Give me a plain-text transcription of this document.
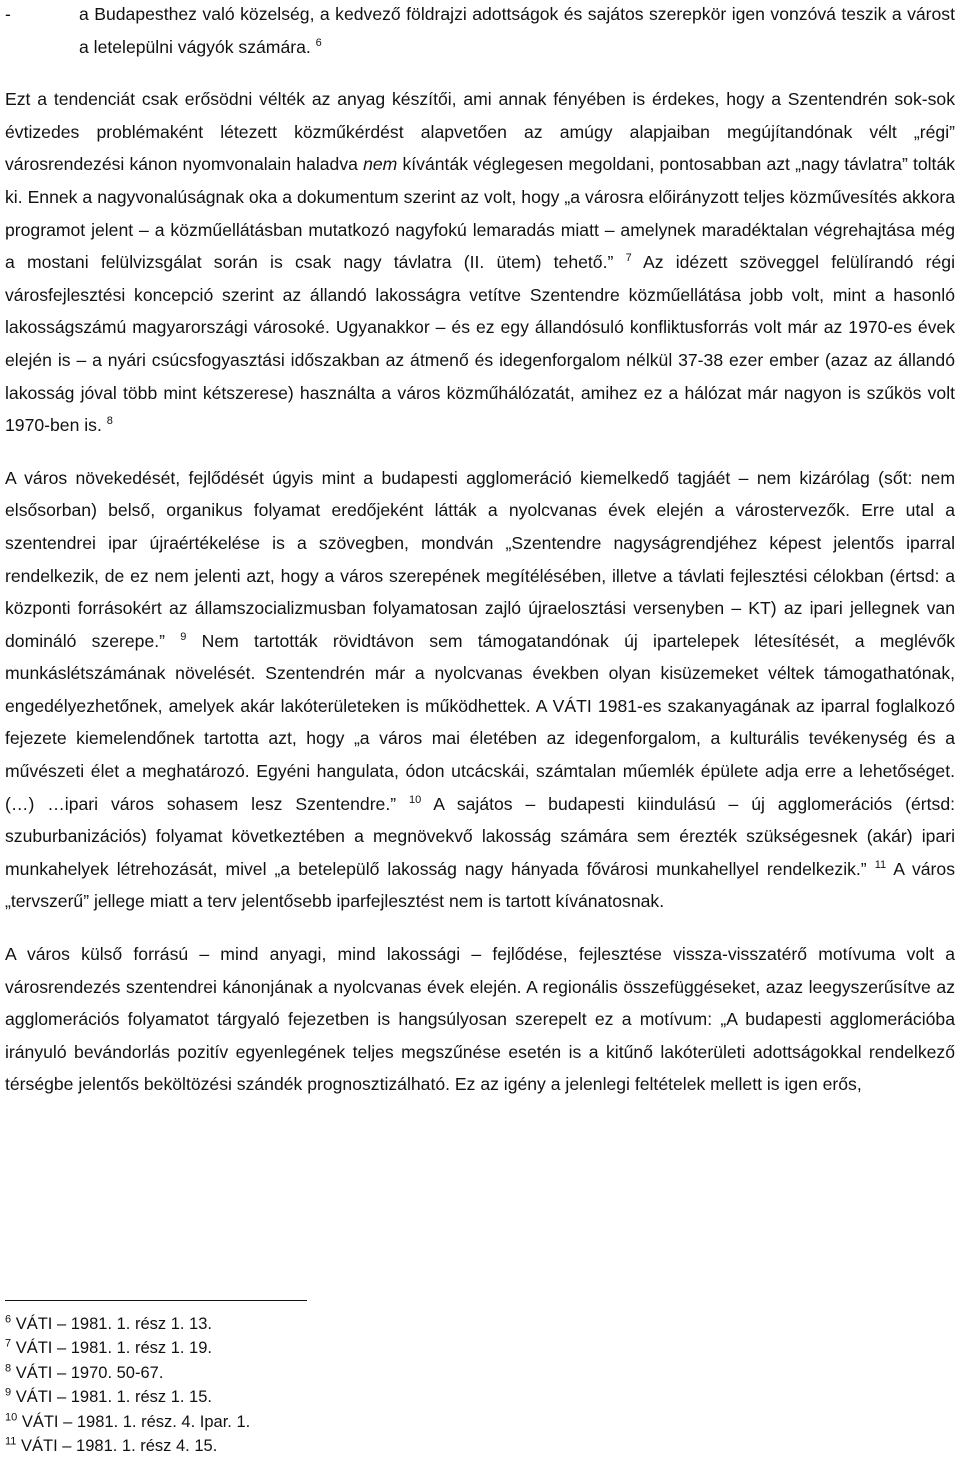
-	a Budapesthez való közelség, a kedvező földrajzi adottságok és sajátos szerepkör igen vonzóvá teszik a várost a letelepülni vágyók számára. $^6$

Ezt a tendenciát csak erősödni vélték az anyag készítői, ami annak fényében is érdekes, hogy a Szentendrén sok-sok évtizedes problémaként létezett közműkérdést alapvetően az amúgy alapjaiban megújítandónak vélt „régi” városrendezési kánon nyomvonalain haladva nem kívánták véglegesen megoldani, pontosabban azt „nagy távlatra” tolták ki. Ennek a nagyvonalúságnak oka a dokumentum szerint az volt, hogy „a városra előirányzott teljes közművesítés akkora programot jelent – a közműellátásban mutatkozó nagyfokú lemaradás miatt – amelynek maradéktalan végrehajtása még a mostani felülvizsgálat során is csak nagy távlatra (II. ütem) tehető.” $^7$ Az idézett szöveggel felülírandó régi városfejlesztési koncepció szerint az állandó lakosságra vetítve Szentendre közműellátása jobb volt, mint a hasonló lakosságszámú magyarországi városoké. Ugyanakkor – és ez egy állandósuló konfliktusforrás volt már az 1970-es évek elején is – a nyári csúcsfogyasztási időszakban az átmenő és idegenforgalom nélkül 37-38 ezer ember (azaz az állandó lakosság jóval több mint kétszerese) használta a város közműhálózatát, amihez ez a hálózat már nagyon is szűkös volt 1970-ben is. $^8$

A város növekedését, fejlődését úgyis mint a budapesti agglomeráció kiemelkedő tagjáét – nem kizárólag (sőt: nem elsősorban) belső, organikus folyamat eredőjeként látták a nyolcvanas évek elején a várostervezők. Erre utal a szentendrei ipar újraértékelése is a szövegben, mondván „Szentendre nagyságrendjéhez képest jelentős iparral rendelkezik, de ez nem jelenti azt, hogy a város szerepének megítélésében, illetve a távlati fejlesztési célokban (értsd: a központi forrásokért az államszocializmusban folyamatosan zajló újraelosztási versenyben – KT) az ipari jellegnek van domináló szerepe.” $^9$ Nem tartották rövidtávon sem támogatandónak új ipartelepek létesítését, a meglévők munkáslétszámának növelését. Szentendrén már a nyolcvanas években olyan kisüzemeket véltek támogathatónak, engedélyezhetőnek, amelyek akár lakóterületeken is működhettek. A VÁTI 1981-es szakanyagának az iparral foglalkozó fejezete kiemelendőnek tartotta azt, hogy „a város mai életében az idegenforgalom, a kulturális tevékenység és a művészeti élet a meghatározó. Egyéni hangulata, ódon utcácskái, számtalan műemlék épülete adja erre a lehetőséget. (…) …ipari város sohasem lesz Szentendre.” $^{10}$ A sajátos – budapesti kiindulású – új agglomerációs (értsd: szuburbanizációs) folyamat következtében a megnövekvő lakosság számára sem érezték szükségesnek (akár) ipari munkahelyek létrehozását, mivel „a betelepülő lakosság nagy hányada fővárosi munkahellyel rendelkezik.” $^{11}$ A város „tervszerű” jellege miatt a terv jelentősebb iparfejlesztést nem is tartott kívánatosnak.

A város külső forrású – mind anyagi, mind lakossági – fejlődése, fejlesztése vissza-visszatérő motívuma volt a városrendezés szentendrei kánonjának a nyolcvanas évek elején. A regionális összefüggéseket, azaz leegyszerűsítve az agglomerációs folyamatot tárgyaló fejezetben is hangsúlyosan szerepelt ez a motívum: „A budapesti agglomerációba irányuló bevándorlás pozitív egyenlegének teljes megszűnése esetén is a kitűnő lakóterületi adottságokkal rendelkező térségbe jelentős beköltözési szándék prognosztizálható. Ez az igény a jelenlegi feltételek mellett is igen erős,

$^6$ VÁTI – 1981. 1. rész 1. 13.
$^7$ VÁTI – 1981. 1. rész 1. 19.
$^8$ VÁTI – 1970. 50-67.
$^9$ VÁTI – 1981. 1. rész 1. 15.
$^{10}$ VÁTI – 1981. 1. rész. 4. Ipar. 1.
$^{11}$ VÁTI – 1981. 1. rész 4. 15.
